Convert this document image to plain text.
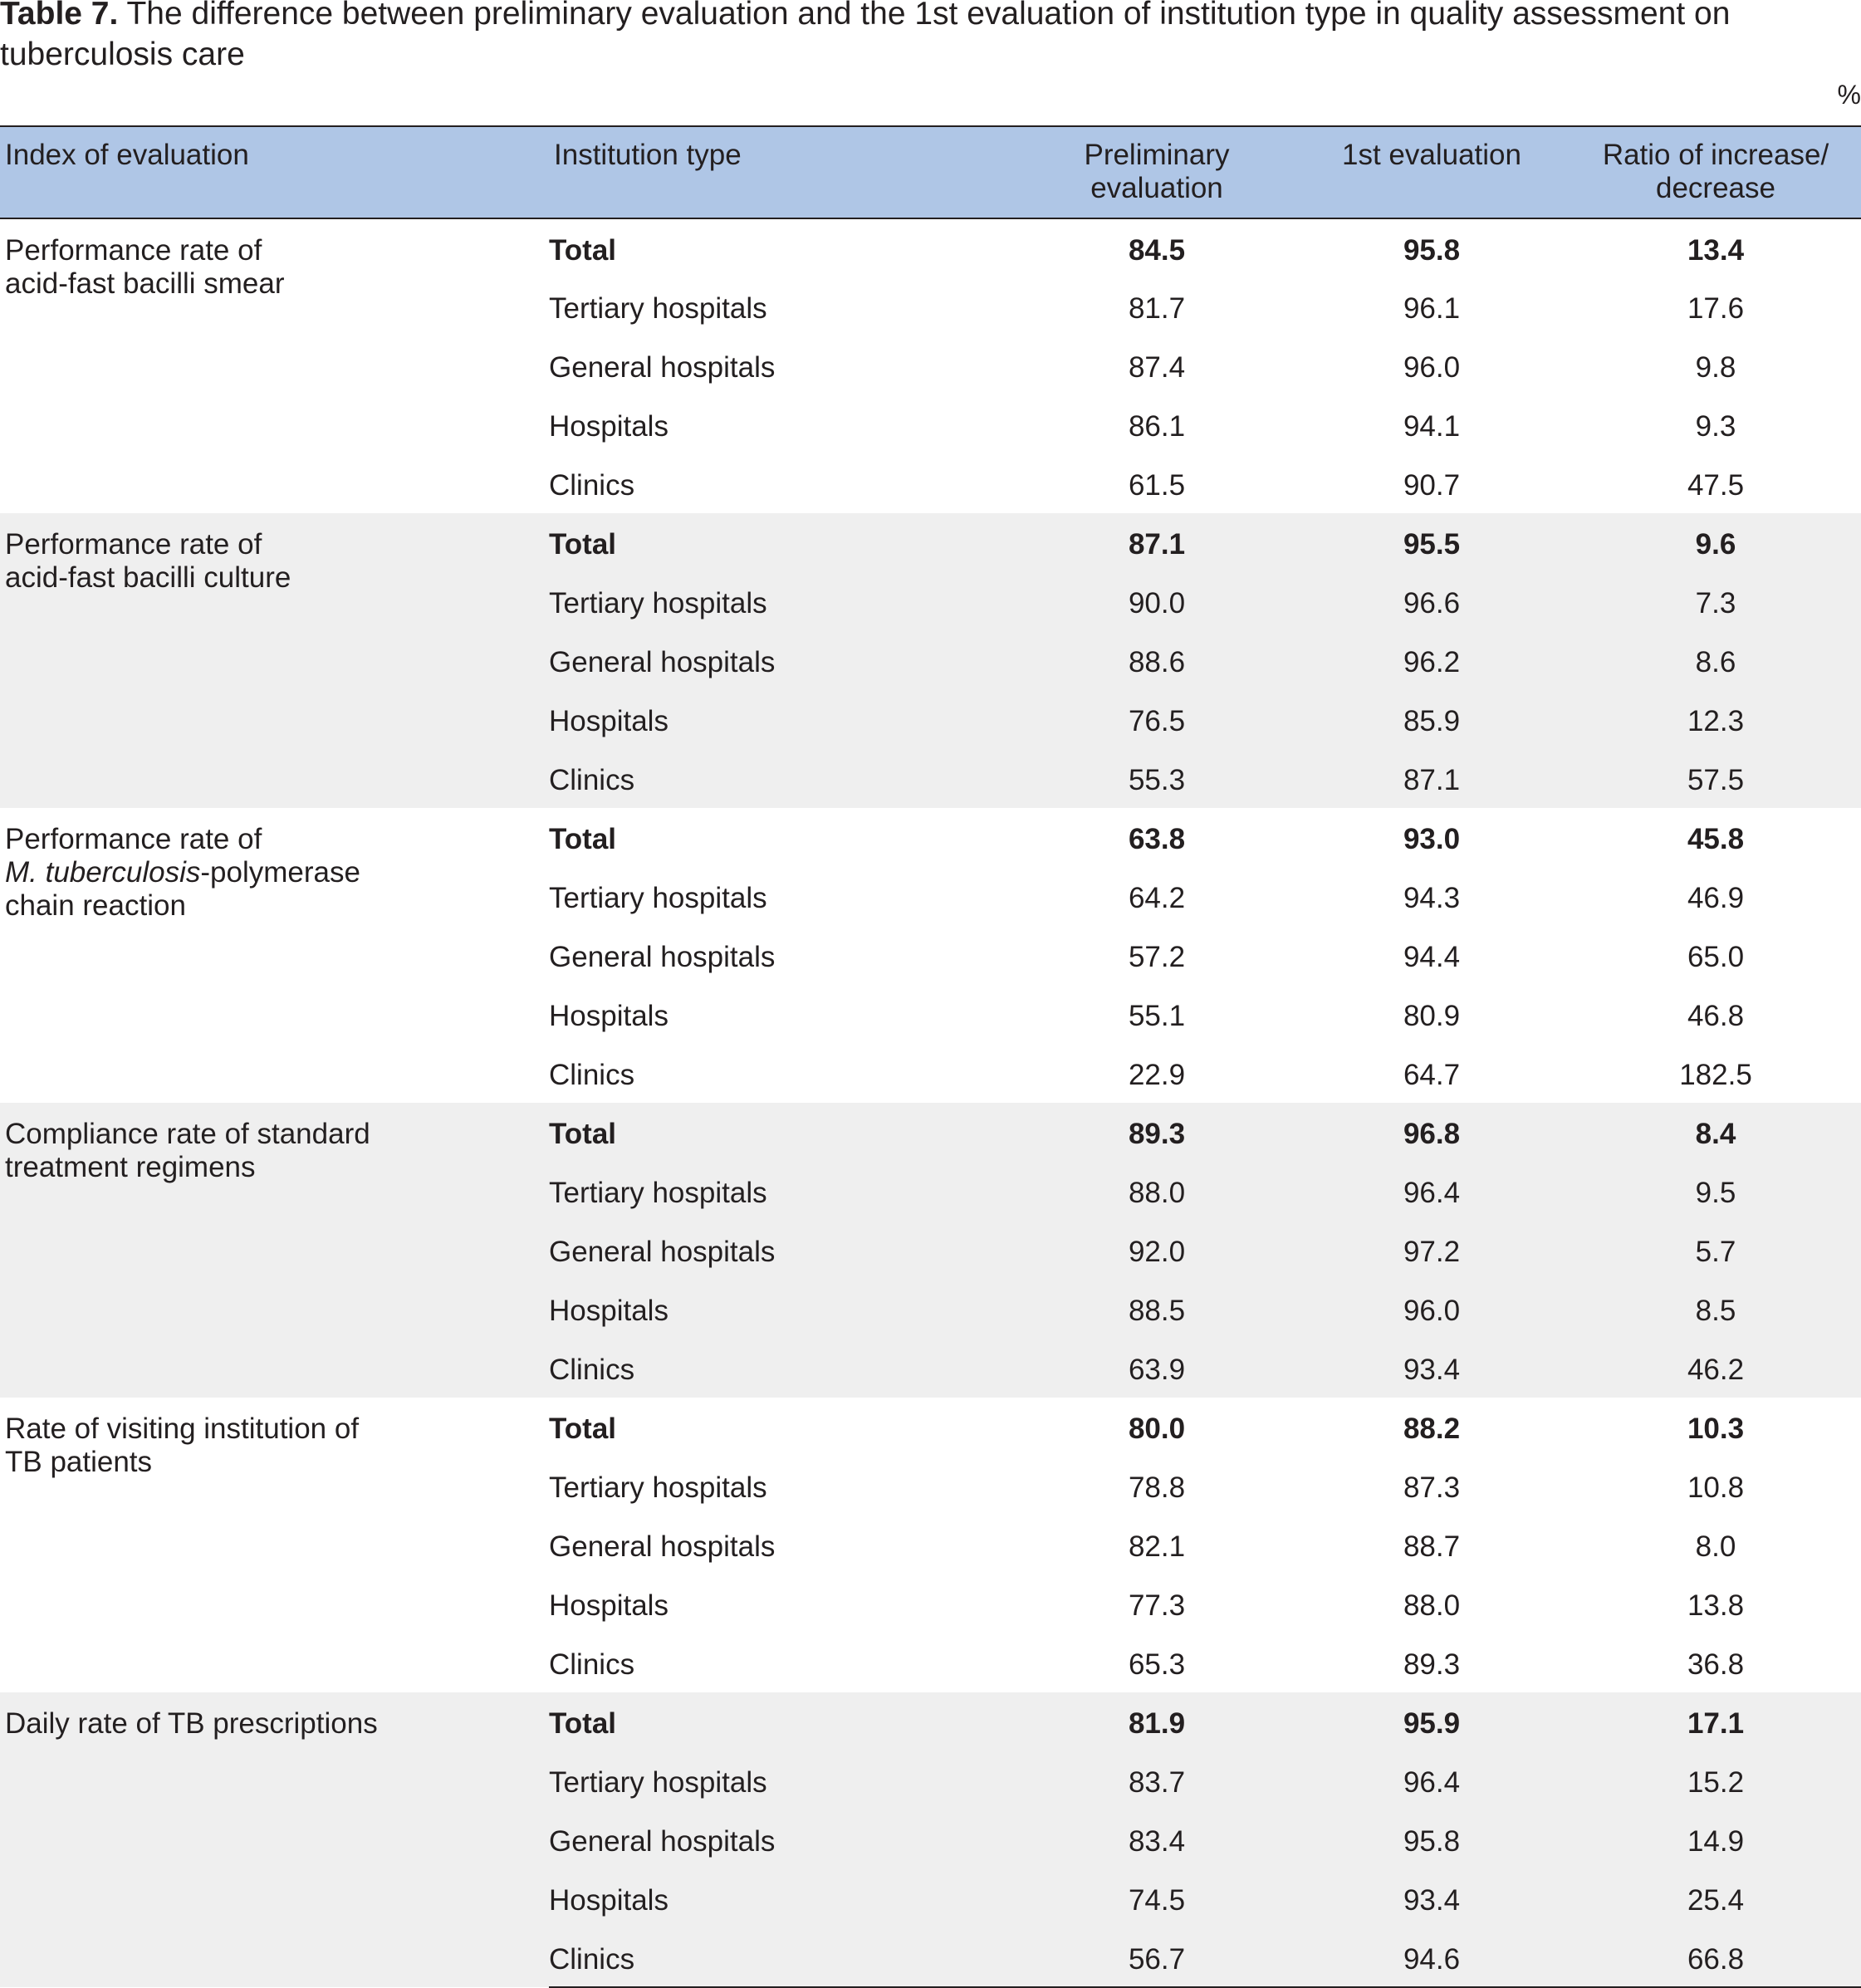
Table 7. The difference between preliminary evaluation and the 1st evaluation of institution type in quality assessment on tuberculosis care

%
Index of evaluation	Institution type	Preliminary evaluation	1st evaluation	Ratio of increase/ decrease

Performance rate of
acid-fast bacilli smear	Total	84.5	95.8	13.4
	Tertiary hospitals	81.7	96.1	17.6
	General hospitals	87.4	96.0	9.8
	Hospitals	86.1	94.1	9.3
	Clinics	61.5	90.7	47.5

Performance rate of
acid-fast bacilli culture	Total	87.1	95.5	9.6
	Tertiary hospitals	90.0	96.6	7.3
	General hospitals	88.6	96.2	8.6
	Hospitals	76.5	85.9	12.3
	Clinics	55.3	87.1	57.5

Performance rate of
M. tuberculosis-polymerase
chain reaction	Total	63.8	93.0	45.8
	Tertiary hospitals	64.2	94.3	46.9
	General hospitals	57.2	94.4	65.0
	Hospitals	55.1	80.9	46.8
	Clinics	22.9	64.7	182.5

Compliance rate of standard
treatment regimens	Total	89.3	96.8	8.4
	Tertiary hospitals	88.0	96.4	9.5
	General hospitals	92.0	97.2	5.7
	Hospitals	88.5	96.0	8.5
	Clinics	63.9	93.4	46.2

Rate of visiting institution of
TB patients	Total	80.0	88.2	10.3
	Tertiary hospitals	78.8	87.3	10.8
	General hospitals	82.1	88.7	8.0
	Hospitals	77.3	88.0	13.8
	Clinics	65.3	89.3	36.8

Daily rate of TB prescriptions	Total	81.9	95.9	17.1
	Tertiary hospitals	83.7	96.4	15.2
	General hospitals	83.4	95.8	14.9
	Hospitals	74.5	93.4	25.4
	Clinics	56.7	94.6	66.8
